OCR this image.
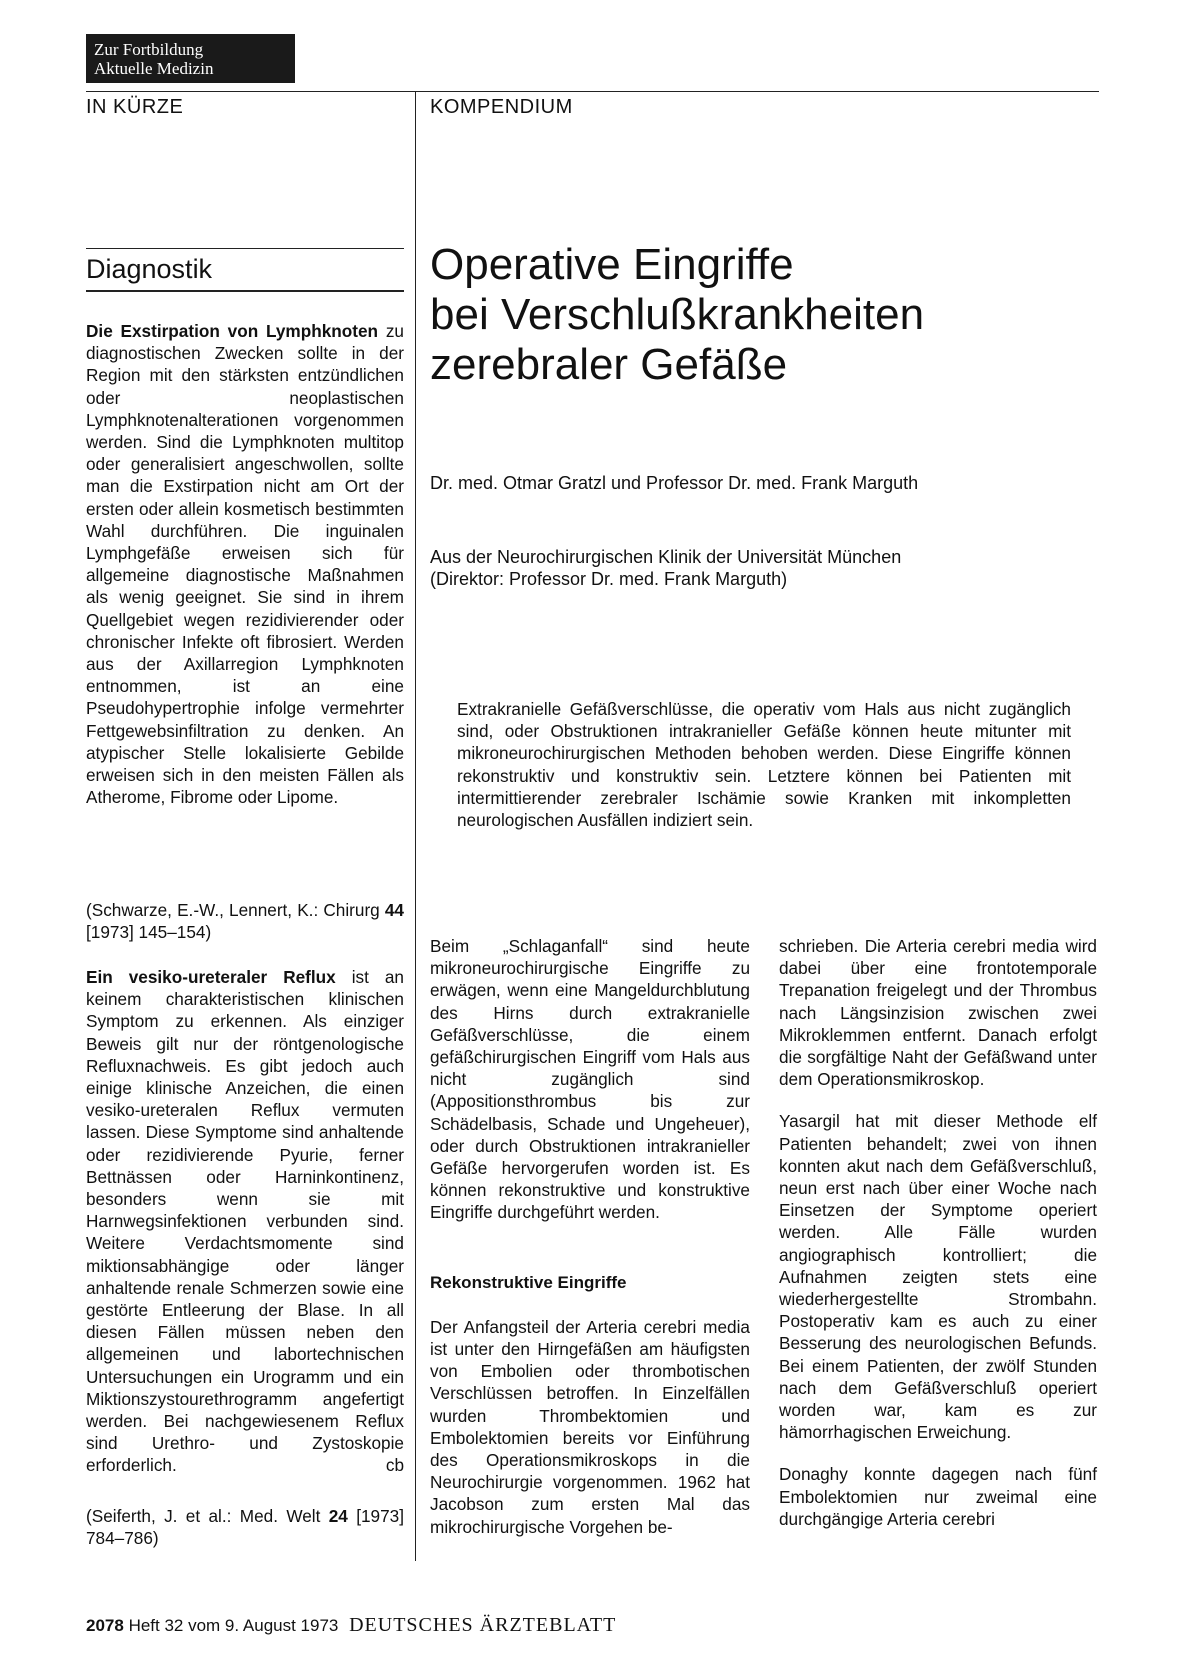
Zur Fortbildung
Aktuelle Medizin
IN KÜRZE	KOMPENDIUM
Diagnostik

Die Exstirpation von Lymphknoten zu diagnostischen Zwecken sollte in der Region mit den stärksten entzündlichen oder neoplastischen Lymphknotenalterationen vorgenommen werden. Sind die Lymphknoten multitop oder generalisiert angeschwollen, sollte man die Exstirpation nicht am Ort der ersten oder allein kosmetisch bestimmten Wahl durchführen. Die inguinalen Lymphgefäße erweisen sich für allgemeine diagnostische Maßnahmen als wenig geeignet. Sie sind in ihrem Quellgebiet wegen rezidivierender oder chronischer Infekte oft fibrosiert. Werden aus der Axillarregion Lymphknoten entnommen, ist an eine Pseudohypertrophie infolge vermehrter Fettgewebsinfiltration zu denken. An atypischer Stelle lokalisierte Gebilde erweisen sich in den meisten Fällen als Atherome, Fibrome oder Lipome.

(Schwarze, E.-W., Lennert, K.: Chirurg 44 [1973] 145–154)

Ein vesiko-ureteraler Reflux ist an keinem charakteristischen klinischen Symptom zu erkennen. Als einziger Beweis gilt nur der röntgenologische Refluxnachweis. Es gibt jedoch auch einige klinische Anzeichen, die einen vesiko-ureteralen Reflux vermuten lassen. Diese Symptome sind anhaltende oder rezidivierende Pyurie, ferner Bettnässen oder Harninkontinenz, besonders wenn sie mit Harnwegsinfektionen verbunden sind. Weitere Verdachtsmomente sind miktionsabhängige oder länger anhaltende renale Schmerzen sowie eine gestörte Entleerung der Blase. In all diesen Fällen müssen neben den allgemeinen und labortechnischen Untersuchungen ein Urogramm und ein Miktionszystourethrogramm angefertigt werden. Bei nachgewiesenem Reflux sind Urethro- und Zystoskopie erforderlich.	cb

(Seiferth, J. et al.: Med. Welt 24 [1973] 784–786)

Operative Eingriffe
bei Verschlußkrankheiten
zerebraler Gefäße
Dr. med. Otmar Gratzl und Professor Dr. med. Frank Marguth
Aus der Neurochirurgischen Klinik der Universität München
(Direktor: Professor Dr. med. Frank Marguth)
Extrakranielle Gefäßverschlüsse, die operativ vom Hals aus nicht zugänglich sind, oder Obstruktionen intrakranieller Gefäße können heute mitunter mit mikroneurochirurgischen Methoden behoben werden. Diese Eingriffe können rekonstruktiv und konstruktiv sein. Letztere können bei Patienten mit intermittierender zerebraler Ischämie sowie Kranken mit inkompletten neurologischen Ausfällen indiziert sein.

Beim „Schlaganfall“ sind heute mikroneurochirurgische Eingriffe zu erwägen, wenn eine Mangeldurchblutung des Hirns durch extrakranielle Gefäßverschlüsse, die einem gefäßchirurgischen Eingriff vom Hals aus nicht zugänglich sind (Appositionsthrombus bis zur Schädelbasis, Schade und Ungeheuer), oder durch Obstruktionen intrakranieller Gefäße hervorgerufen worden ist. Es können rekonstruktive und konstruktive Eingriffe durchgeführt werden.

Rekonstruktive Eingriffe

Der Anfangsteil der Arteria cerebri media ist unter den Hirngefäßen am häufigsten von Embolien oder thrombotischen Verschlüssen betroffen. In Einzelfällen wurden Thrombektomien und Embolektomien bereits vor Einführung des Operationsmikroskops in die Neurochirurgie vorgenommen. 1962 hat Jacobson zum ersten Mal das mikrochirurgische Vorgehen be-

schrieben. Die Arteria cerebri media wird dabei über eine frontotemporale Trepanation freigelegt und der Thrombus nach Längsinzision zwischen zwei Mikroklemmen entfernt. Danach erfolgt die sorgfältige Naht der Gefäßwand unter dem Operationsmikroskop.

Yasargil hat mit dieser Methode elf Patienten behandelt; zwei von ihnen konnten akut nach dem Gefäßverschluß, neun erst nach über einer Woche nach Einsetzen der Symptome operiert werden. Alle Fälle wurden angiographisch kontrolliert; die Aufnahmen zeigten stets eine wiederhergestellte Strombahn. Postoperativ kam es auch zu einer Besserung des neurologischen Befunds. Bei einem Patienten, der zwölf Stunden nach dem Gefäßverschluß operiert worden war, kam es zur hämorrhagischen Erweichung.

Donaghy konnte dagegen nach fünf Embolektomien nur zweimal eine durchgängige Arteria cerebri

2078 Heft 32 vom 9. August 1973 DEUTSCHES ÄRZTEBLATT
